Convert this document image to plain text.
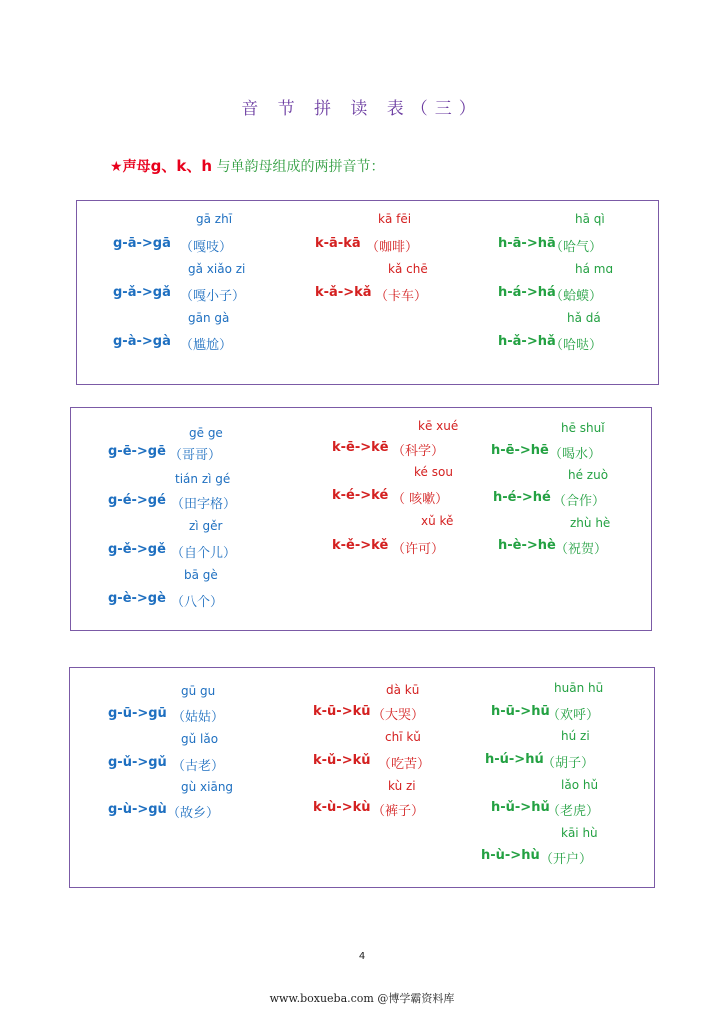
音 节 拼 读 表（三）
★声母g、k、h 与单韵母组成的两拼音节：
gā zhī
g-ā->gā （嘎吱）
gǎ xiǎo zi
g-ǎ->gǎ （嘎小子）
gān gà
g-à->gà （尴尬）
kā fēi
k-ā-kā （咖啡）
kǎ chē
k-ǎ->kǎ （卡车）
hā qì
h-ā->hā
（哈气）
há mɑ
h-á->há
（蛤蟆）
hǎ dá
h-ǎ->hǎ
（哈哒）
gē ge
g-ē->gē （哥哥）
tián zì gé
g-é->gé （田字格）
zì gěr
g-ě->gě （自个儿）
bā gè
g-è->gè （八个）
kē xué
k-ē->kē （科学）
ké sou
k-é->ké （ 咳嗽）
xǔ kě
k-ě->kě （许可）
hē shuǐ
h-ē->hē （喝水）
hé zuò
h-é->hé （合作）
zhù hè
h-è->hè （祝贺）
gū gu
g-ū->gū （姑姑）
gǔ lǎo
g-ǔ->gǔ （古老）
gù xiāng
g-ù->gù （故乡）
dà kū
k-ū->kū （大哭）
chī kǔ
k-ǔ->kǔ （吃苦）
kù zi
k-ù->kù （裤子）
huān hū
h-ū->hū
（欢呼）
hú zi
h-ú->hú
（胡子）
lǎo hǔ
h-ǔ->hǔ
（老虎）
kāi hù
h-ù->hù （开户）
4
www.boxueba.com @博学霸资料库
